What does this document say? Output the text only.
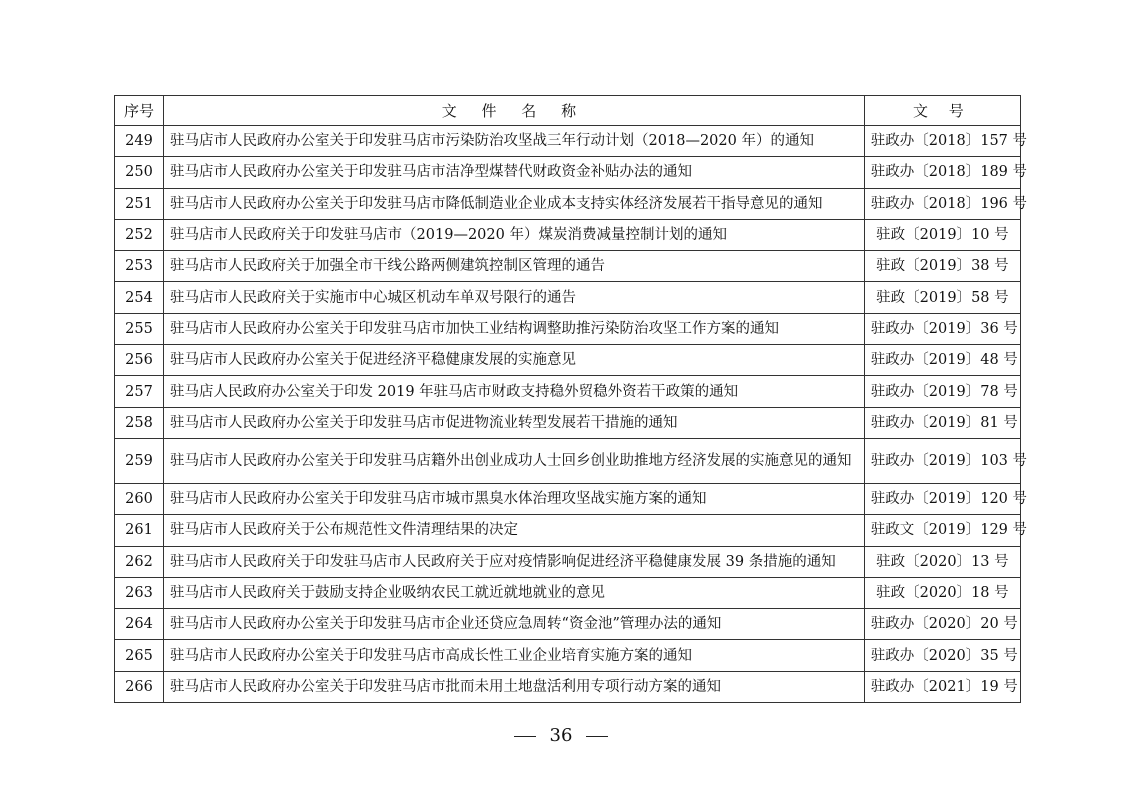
序号	文 件 名 称	文 号
249	驻马店市人民政府办公室关于印发驻马店市污染防治攻坚战三年行动计划（2018—2020 年）的通知	驻政办〔2018〕157 号
250	驻马店市人民政府办公室关于印发驻马店市洁净型煤替代财政资金补贴办法的通知	驻政办〔2018〕189 号
251	驻马店市人民政府办公室关于印发驻马店市降低制造业企业成本支持实体经济发展若干指导意见的通知	驻政办〔2018〕196 号
252	驻马店市人民政府关于印发驻马店市（2019—2020 年）煤炭消费减量控制计划的通知	驻政〔2019〕10 号
253	驻马店市人民政府关于加强全市干线公路两侧建筑控制区管理的通告	驻政〔2019〕38 号
254	驻马店市人民政府关于实施市中心城区机动车单双号限行的通告	驻政〔2019〕58 号
255	驻马店市人民政府办公室关于印发驻马店市加快工业结构调整助推污染防治攻坚工作方案的通知	驻政办〔2019〕36 号
256	驻马店市人民政府办公室关于促进经济平稳健康发展的实施意见	驻政办〔2019〕48 号
257	驻马店人民政府办公室关于印发 2019 年驻马店市财政支持稳外贸稳外资若干政策的通知	驻政办〔2019〕78 号
258	驻马店市人民政府办公室关于印发驻马店市促进物流业转型发展若干措施的通知	驻政办〔2019〕81 号
259	驻马店市人民政府办公室关于印发驻马店籍外出创业成功人士回乡创业助推地方经济发展的实施意见的通知	驻政办〔2019〕103 号
260	驻马店市人民政府办公室关于印发驻马店市城市黑臭水体治理攻坚战实施方案的通知	驻政办〔2019〕120 号
261	驻马店市人民政府关于公布规范性文件清理结果的决定	驻政文〔2019〕129 号
262	驻马店市人民政府关于印发驻马店市人民政府关于应对疫情影响促进经济平稳健康发展 39 条措施的通知	驻政〔2020〕13 号
263	驻马店市人民政府关于鼓励支持企业吸纳农民工就近就地就业的意见	驻政〔2020〕18 号
264	驻马店市人民政府办公室关于印发驻马店市企业还贷应急周转“资金池”管理办法的通知	驻政办〔2020〕20 号
265	驻马店市人民政府办公室关于印发驻马店市高成长性工业企业培育实施方案的通知	驻政办〔2020〕35 号
266	驻马店市人民政府办公室关于印发驻马店市批而未用土地盘活利用专项行动方案的通知	驻政办〔2021〕19 号
36
